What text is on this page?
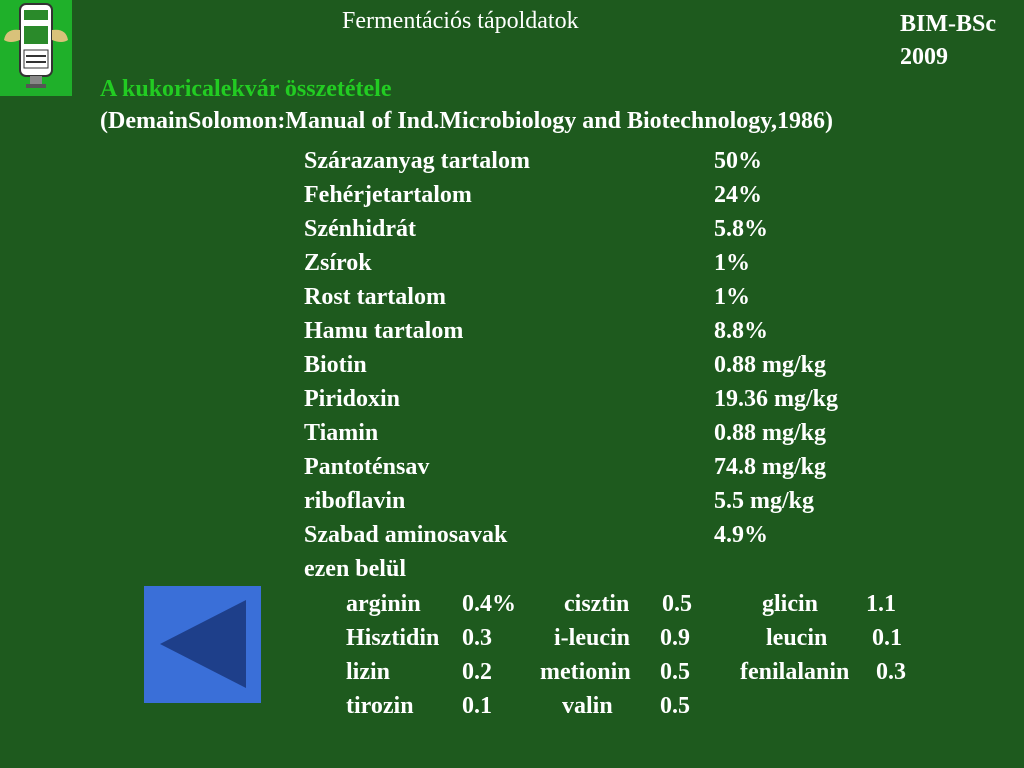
Fermentációs tápoldatok	BIM-BSc
2009
A kukoricalekvár összetétele
(DemainSolomon:Manual of Ind.Microbiology and Biotechnology,1986)
Szárazanyag tartalom	50%
Fehérjetartalom	24%
Szénhidrát	5.8%
Zsírok	1%
Rost tartalom	1%
Hamu tartalom	8.8%
Biotin	0.88 mg/kg
Piridoxin	19.36 mg/kg
Tiamin	0.88 mg/kg
Pantoténsav	74.8 mg/kg
riboflavin	5.5 mg/kg
Szabad aminosavak	4.9%
ezen belül
arginin 0.4% cisztin 0.5	glicin 1.1
Hisztidin 0.3	i-leucin 0.9	leucin 0.1
lizin	0.2 metionin 0.5 fenilalanin 0.3
tirozin 0.1	valin 0.5
